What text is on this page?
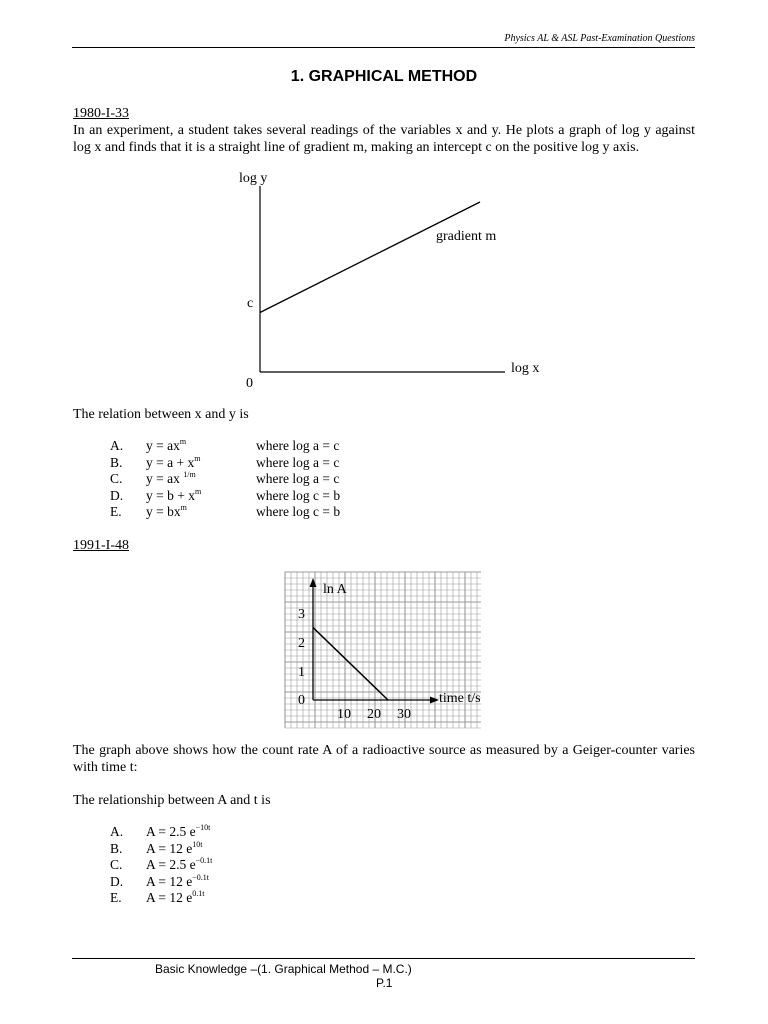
Physics AL & ASL Past-Examination Questions
1. GRAPHICAL METHOD
1980-I-33
In an experiment, a student takes several readings of the variables x and y. He plots a graph of log y against log x and finds that it is a straight line of gradient m, making an intercept c on the positive log y axis.
log y
log x
0
c
gradient m
The relation between x and y is
A. $y = ax^m$	where log a = c
B. $y = a + x^m$	where log a = c
C. y = ax $^{1/m}$	where log a = c
D. $y = b + x^m$	where log c = b
E. $y = bx^m$	where log c = b
1991-I-48
ln A
time t/s
0
1
2
3
10 20 30
The graph above shows how the count rate A of a radioactive source as measured by a Geiger-counter varies with time t:
The relationship between A and t is
A. A = 2.5 $e^{-10t}$
B. A = 12 $e^{10t}$
C. A = 2.5 $e^{-0.1t}$
D. A = 12 $e^{-0.1t}$
E. A = 12 $e^{0.1t}$
Basic Knowledge –(1. Graphical Method – M.C.)
P.1
